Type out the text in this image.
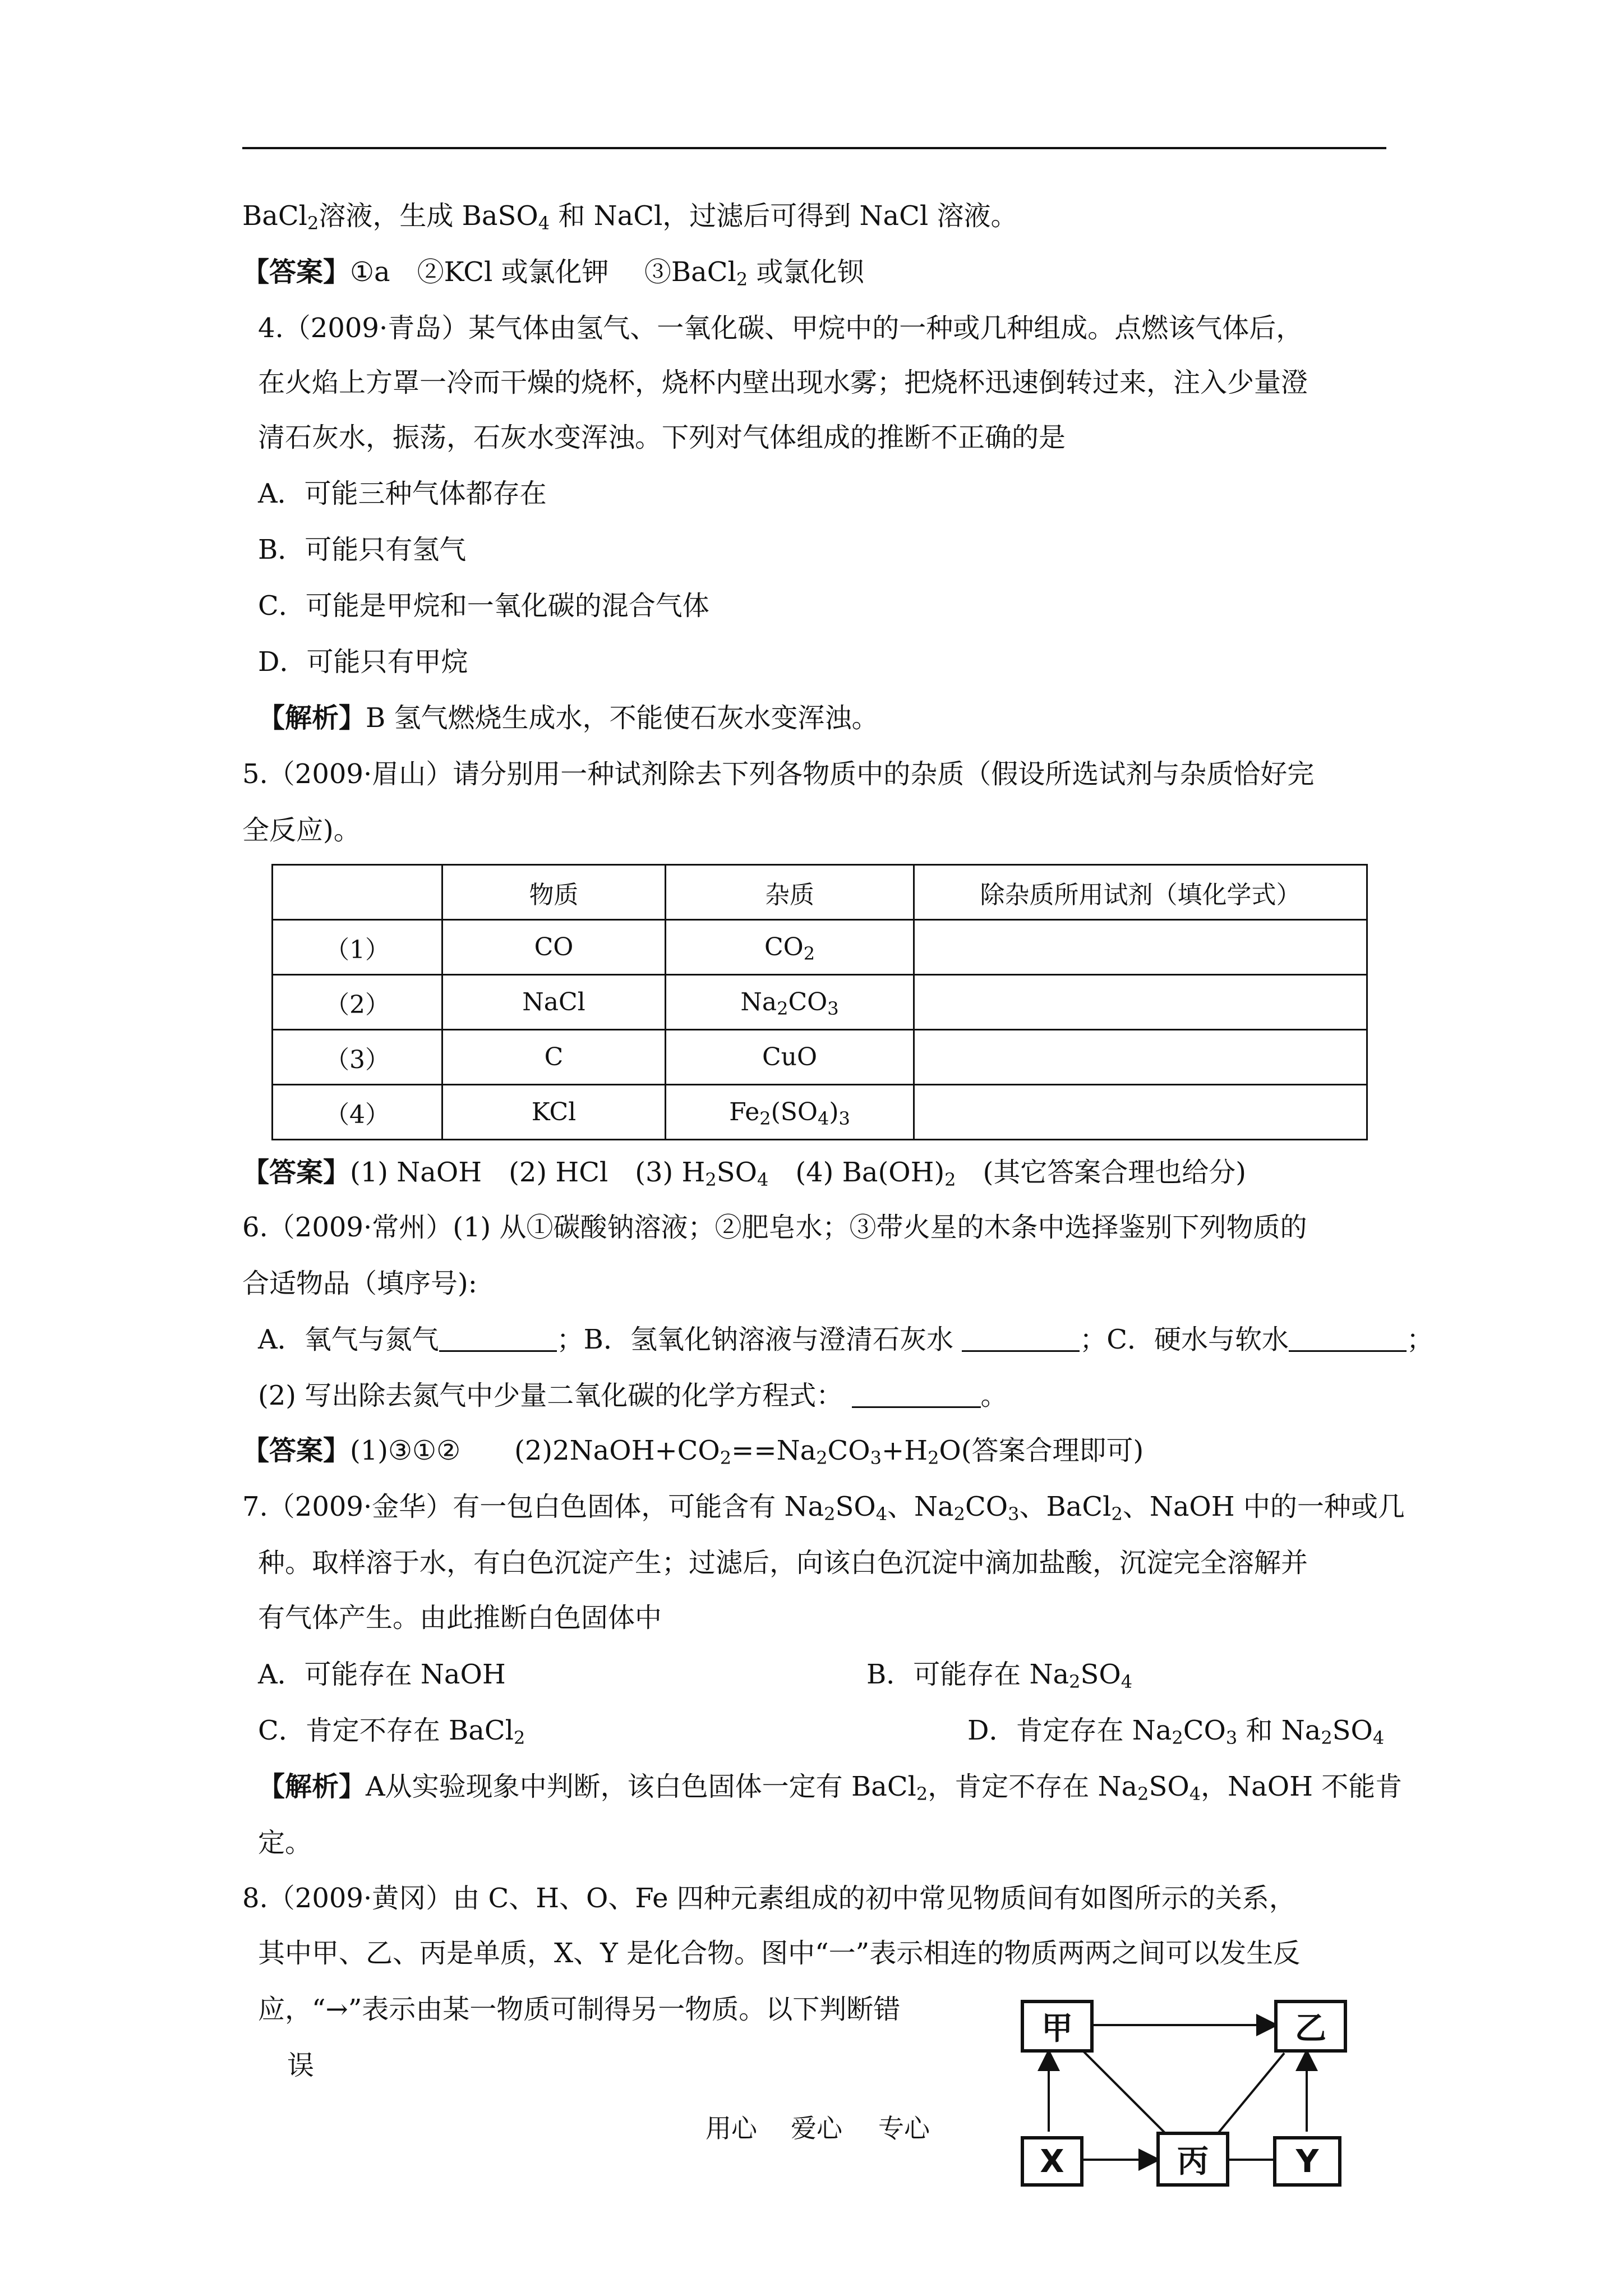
BaCl$_2$溶液，生成 BaSO$_4$ 和 NaCl，过滤后可得到 NaCl 溶液。
【答案】①a　②KCl 或氯化钾　 ③BaCl$_2$ 或氯化钡
4.（2009·青岛）某气体由氢气、一氧化碳、甲烷中的一种或几种组成。点燃该气体后，
在火焰上方罩一冷而干燥的烧杯，烧杯内壁出现水雾；把烧杯迅速倒转过来，注入少量澄
清石灰水，振荡，石灰水变浑浊。下列对气体组成的推断不正确的是
A．可能三种气体都存在
B．可能只有氢气
C．可能是甲烷和一氧化碳的混合气体
D．可能只有甲烷
【解析】B 氢气燃烧生成水，不能使石灰水变浑浊。
5.（2009·眉山）请分别用一种试剂除去下列各物质中的杂质（假设所选试剂与杂质恰好完
全反应)。
	物质	杂质	除杂质所用试剂（填化学式）
（1）	CO	$CO_2$	
（2）	NaCl	$Na_2CO_3$	
（3）	C	CuO	
（4）	KCl	$Fe_2(SO_4)_3$	
【答案】(1) NaOH　(2) HCl　(3) $H_2SO_4$　(4) $Ba(OH)_2$　(其它答案合理也给分)
6.（2009·常州）(1) 从①碳酸钠溶液；②肥皂水；③带火星的木条中选择鉴别下列物质的
合适物品（填序号):
A．氧气与氮气	；B．氢氧化钠溶液与澄清石灰水	；C．硬水与软水	；
(2) 写出除去氮气中少量二氧化碳的化学方程式：	。
【答案】(1)③①②　　$(2)2NaOH+CO_2==Na_2CO_3+H_2O$(答案合理即可)
7.（2009·金华）有一包白色固体，可能含有 $Na_2SO_4$、$Na_2CO_3$、BaCl$_2$、NaOH 中的一种或几
种。取样溶于水，有白色沉淀产生；过滤后，向该白色沉淀中滴加盐酸，沉淀完全溶解并
有气体产生。由此推断白色固体中
A．可能存在 NaOH	B．可能存在 $Na_2SO_4$
C．肯定不存在 BaCl$_2$	D．肯定存在 $Na_2CO_3$ 和 $Na_2SO_4$
【解析】A从实验现象中判断，该白色固体一定有 BaCl$_2$，肯定不存在 $Na_2SO_4$，NaOH 不能肯
定。
8.（2009·黄冈）由 C、H、O、Fe 四种元素组成的初中常见物质间有如图所示的关系，
其中甲、乙、丙是单质，X、Y 是化合物。图中“一”表示相连的物质两两之间可以发生反
应，“→”表示由某一物质可制得另一物质。以下判断错
误
甲	乙
X	丙	Y
用心 爱心 专心
